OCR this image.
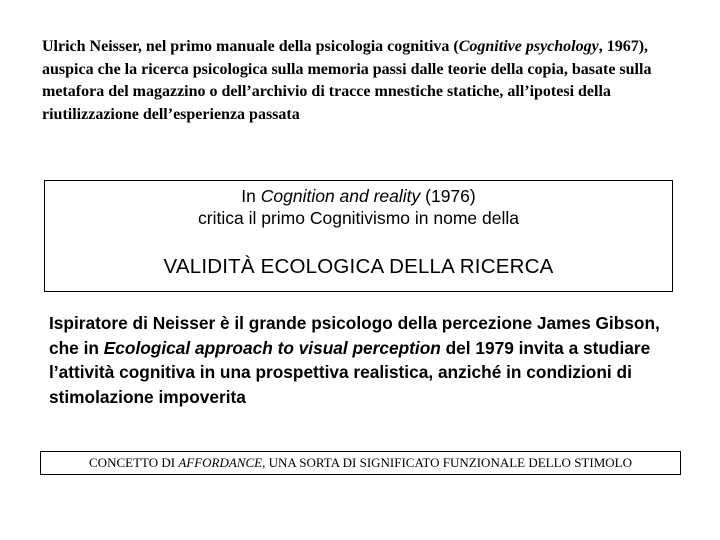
Ulrich Neisser, nel primo manuale della psicologia cognitiva (Cognitive psychology, 1967), auspica che la ricerca psicologica sulla memoria passi dalle teorie della copia, basate sulla metafora del magazzino o dell’archivio di tracce mnestiche statiche, all’ipotesi della riutilizzazione dell’esperienza passata

In Cognition and reality (1976)
critica il primo Cognitivismo in nome della
VALIDITÀ ECOLOGICA DELLA RICERCA

Ispiratore di Neisser è il grande psicologo della percezione James Gibson, che in Ecological approach to visual perception del 1979 invita a studiare l’attività cognitiva in una prospettiva realistica, anziché in condizioni di stimolazione impoverita

CONCETTO DI AFFORDANCE, UNA SORTA DI SIGNIFICATO FUNZIONALE DELLO STIMOLO
